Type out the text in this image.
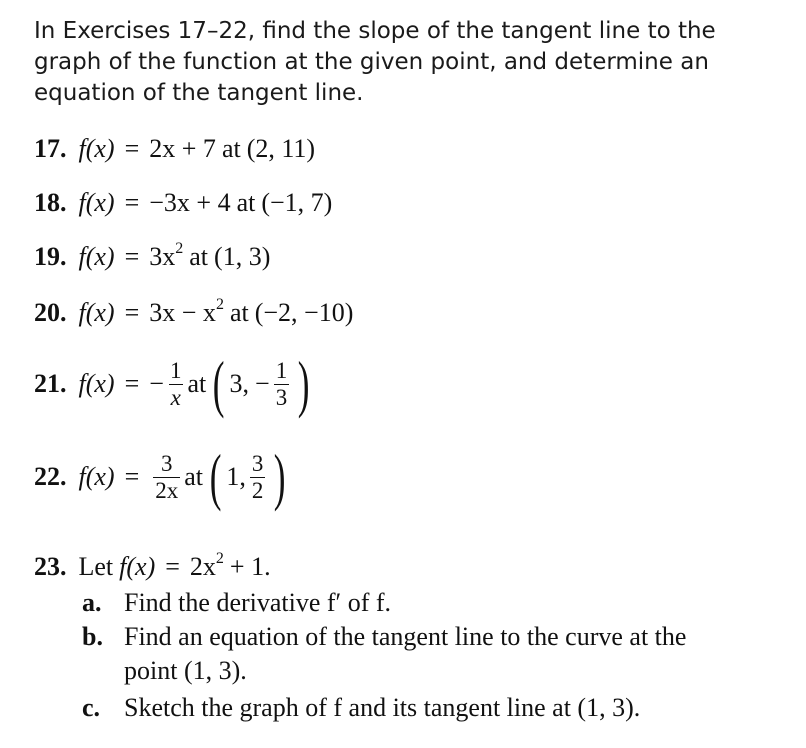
In Exercises 17–22, find the slope of the tangent line to the
graph of the function at the given point, and determine an
equation of the tangent line.
17. f(x) = 2x + 7 at (2, 11)
18. f(x) = −3x + 4 at (−1, 7)
19. $f(x) = 3x^2$ at (1, 3)
20. $f(x) = 3x - x^2$ at (−2, −10)
21. f(x) = − $\frac{1}{x}$ at ( 3, − $\frac{1}{3}$ )
22. $f(x) = \frac{3}{2x}$ at ( 1, $\frac{3}{2}$ )
23. Let $f(x) = 2x^2 + 1$.
a. Find the derivative f′ of f.
b. Find an equation of the tangent line to the curve at the
point (1, 3).
c. Sketch the graph of f and its tangent line at (1, 3).
